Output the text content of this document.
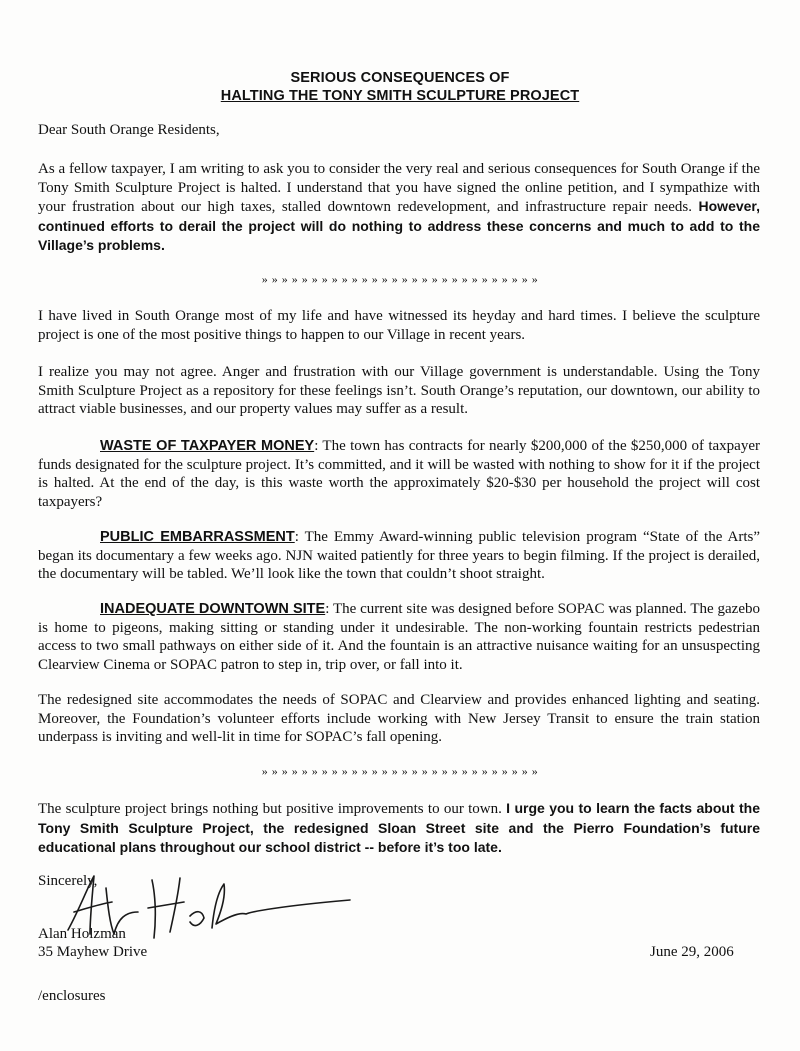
SERIOUS CONSEQUENCES OF
HALTING THE TONY SMITH SCULPTURE PROJECT
Dear South Orange Residents,
As a fellow taxpayer, I am writing to ask you to consider the very real and serious consequences for South Orange if the Tony Smith Sculpture Project is halted. I understand that you have signed the online petition, and I sympathize with your frustration about our high taxes, stalled downtown redevelopment, and infrastructure repair needs. However, continued efforts to derail the project will do nothing to address these concerns and much to add to the Village’s problems.
» » » » » » » » » » » » » » » » » » » » » » » » » » » »
I have lived in South Orange most of my life and have witnessed its heyday and hard times. I believe the sculpture project is one of the most positive things to happen to our Village in recent years.
I realize you may not agree. Anger and frustration with our Village government is understandable. Using the Tony Smith Sculpture Project as a repository for these feelings isn’t. South Orange’s reputation, our downtown, our ability to attract viable businesses, and our property values may suffer as a result.
WASTE OF TAXPAYER MONEY: The town has contracts for nearly $200,000 of the $250,000 of taxpayer funds designated for the sculpture project. It’s committed, and it will be wasted with nothing to show for it if the project is halted. At the end of the day, is this waste worth the approximately $20-$30 per household the project will cost taxpayers?
PUBLIC EMBARRASSMENT: The Emmy Award-winning public television program “State of the Arts” began its documentary a few weeks ago. NJN waited patiently for three years to begin filming. If the project is derailed, the documentary will be tabled. We’ll look like the town that couldn’t shoot straight.
INADEQUATE DOWNTOWN SITE: The current site was designed before SOPAC was planned. The gazebo is home to pigeons, making sitting or standing under it undesirable. The non-working fountain restricts pedestrian access to two small pathways on either side of it. And the fountain is an attractive nuisance waiting for an unsuspecting Clearview Cinema or SOPAC patron to step in, trip over, or fall into it.
The redesigned site accommodates the needs of SOPAC and Clearview and provides enhanced lighting and seating. Moreover, the Foundation’s volunteer efforts include working with New Jersey Transit to ensure the train station underpass is inviting and well-lit in time for SOPAC’s fall opening.
» » » » » » » » » » » » » » » » » » » » » » » » » » » »
The sculpture project brings nothing but positive improvements to our town. I urge you to learn the facts about the Tony Smith Sculpture Project, the redesigned Sloan Street site and the Pierro Foundation’s future educational plans throughout our school district -- before it’s too late.
Sincerely,
Alan Holzman
35 Mayhew Drive	June 29, 2006
/enclosures
